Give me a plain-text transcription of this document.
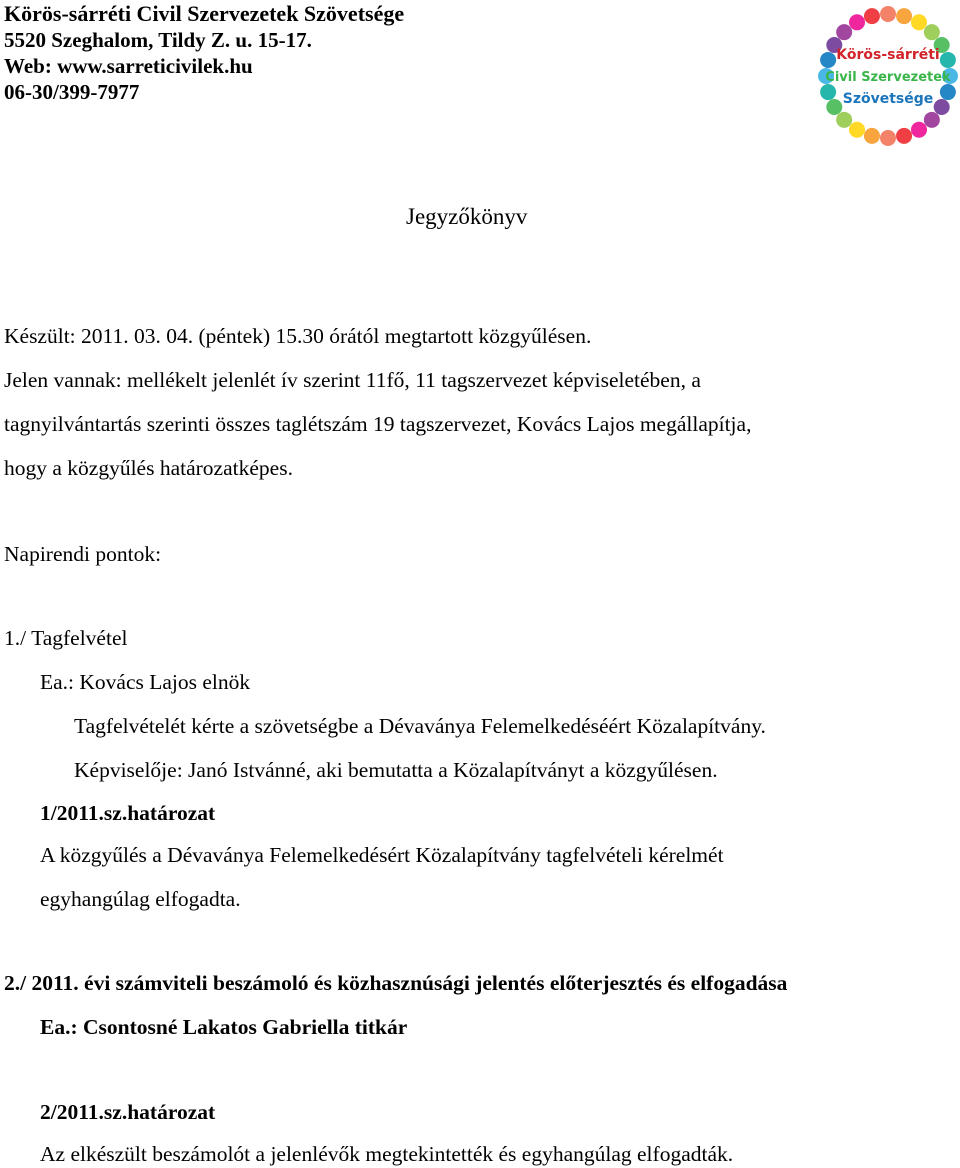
Körös-sárréti Civil Szervezetek Szövetsége
5520 Szeghalom, Tildy Z. u. 15-17.
Web: www.sarreticivilek.hu
06-30/399-7977
Körös-sárréti
Civil Szervezetek
Szövetsége
Jegyzőkönyv
Készült: 2011. 03. 04. (péntek) 15.30 órától megtartott közgyűlésen.
Jelen vannak: mellékelt jelenlét ív szerint 11fő, 11 tagszervezet képviseletében, a
tagnyilvántartás szerinti összes taglétszám 19 tagszervezet, Kovács Lajos megállapítja,
hogy a közgyűlés határozatképes.
Napirendi pontok:
1./ Tagfelvétel
Ea.: Kovács Lajos elnök
Tagfelvételét kérte a szövetségbe a Dévaványa Felemelkedéséért Közalapítvány.
Képviselője: Janó Istvánné, aki bemutatta a Közalapítványt a közgyűlésen.
1/2011.sz.határozat
A közgyűlés a Dévaványa Felemelkedésért Közalapítvány tagfelvételi kérelmét
egyhangúlag elfogadta.
2./ 2011. évi számviteli beszámoló és közhasznúsági jelentés előterjesztés és elfogadása
Ea.: Csontosné Lakatos Gabriella titkár
2/2011.sz.határozat
Az elkészült beszámolót a jelenlévők megtekintették és egyhangúlag elfogadták.
